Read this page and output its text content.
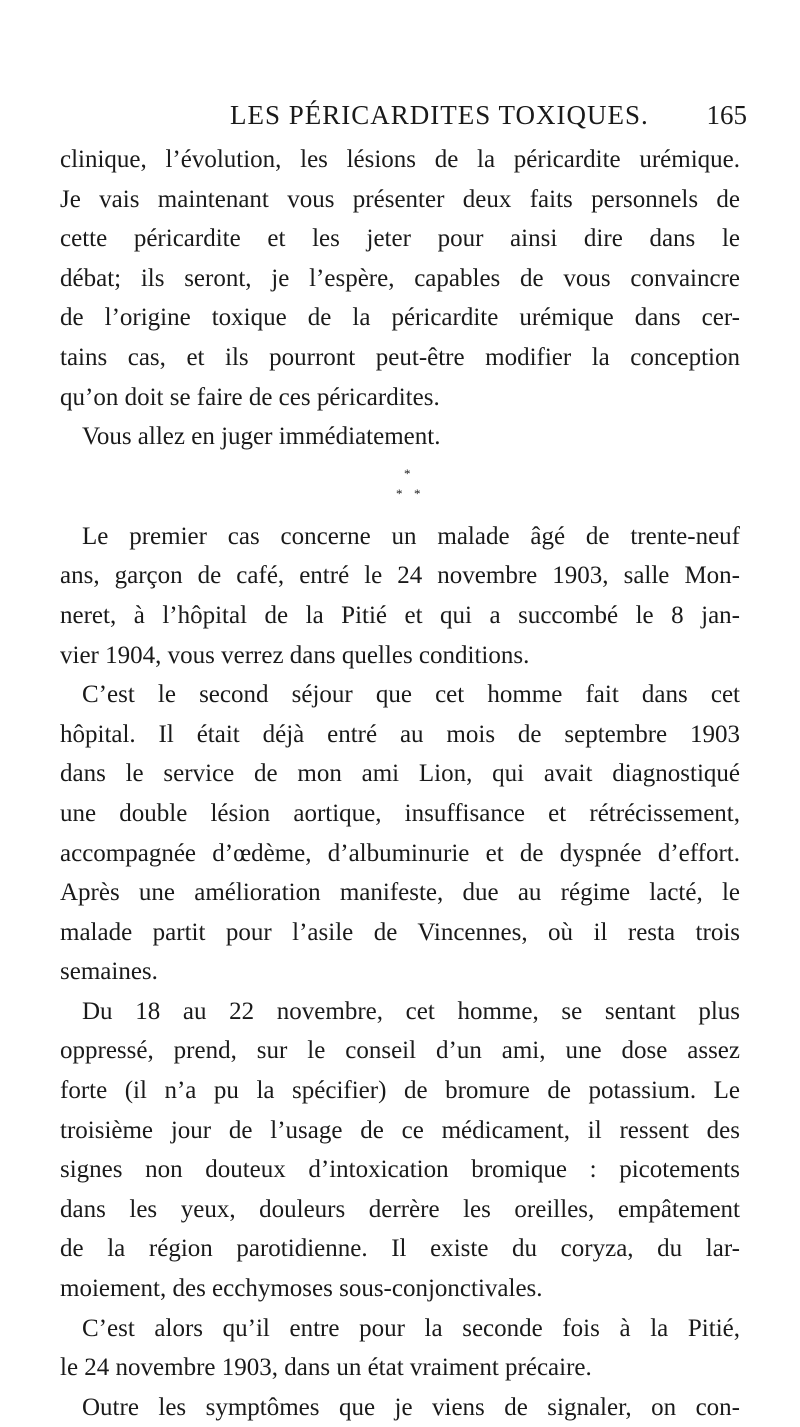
LES PÉRICARDITES TOXIQUES. 165
clinique, l’évolution, les lésions de la péricardite urémique.
Je vais maintenant vous présenter deux faits personnels de
cette péricardite et les jeter pour ainsi dire dans le
débat; ils seront, je l’espère, capables de vous convaincre
de l’origine toxique de la péricardite urémique dans cer-
tains cas, et ils pourront peut-être modifier la conception
qu’on doit se faire de ces péricardites.
Vous allez en juger immédiatement.
*
* *
Le premier cas concerne un malade âgé de trente-neuf
ans, garçon de café, entré le 24 novembre 1903, salle Mon-
neret, à l’hôpital de la Pitié et qui a succombé le 8 jan-
vier 1904, vous verrez dans quelles conditions.
C’est le second séjour que cet homme fait dans cet
hôpital. Il était déjà entré au mois de septembre 1903
dans le service de mon ami Lion, qui avait diagnostiqué
une double lésion aortique, insuffisance et rétrécissement,
accompagnée d’œdème, d’albuminurie et de dyspnée d’effort.
Après une amélioration manifeste, due au régime lacté, le
malade partit pour l’asile de Vincennes, où il resta trois
semaines.
Du 18 au 22 novembre, cet homme, se sentant plus
oppressé, prend, sur le conseil d’un ami, une dose assez
forte (il n’a pu la spécifier) de bromure de potassium. Le
troisième jour de l’usage de ce médicament, il ressent des
signes non douteux d’intoxication bromique : picotements
dans les yeux, douleurs derrère les oreilles, empâtement
de la région parotidienne. Il existe du coryza, du lar-
moiement, des ecchymoses sous-conjonctivales.
C’est alors qu’il entre pour la seconde fois à la Pitié,
le 24 novembre 1903, dans un état vraiment précaire.
Outre les symptômes que je viens de signaler, on con-
